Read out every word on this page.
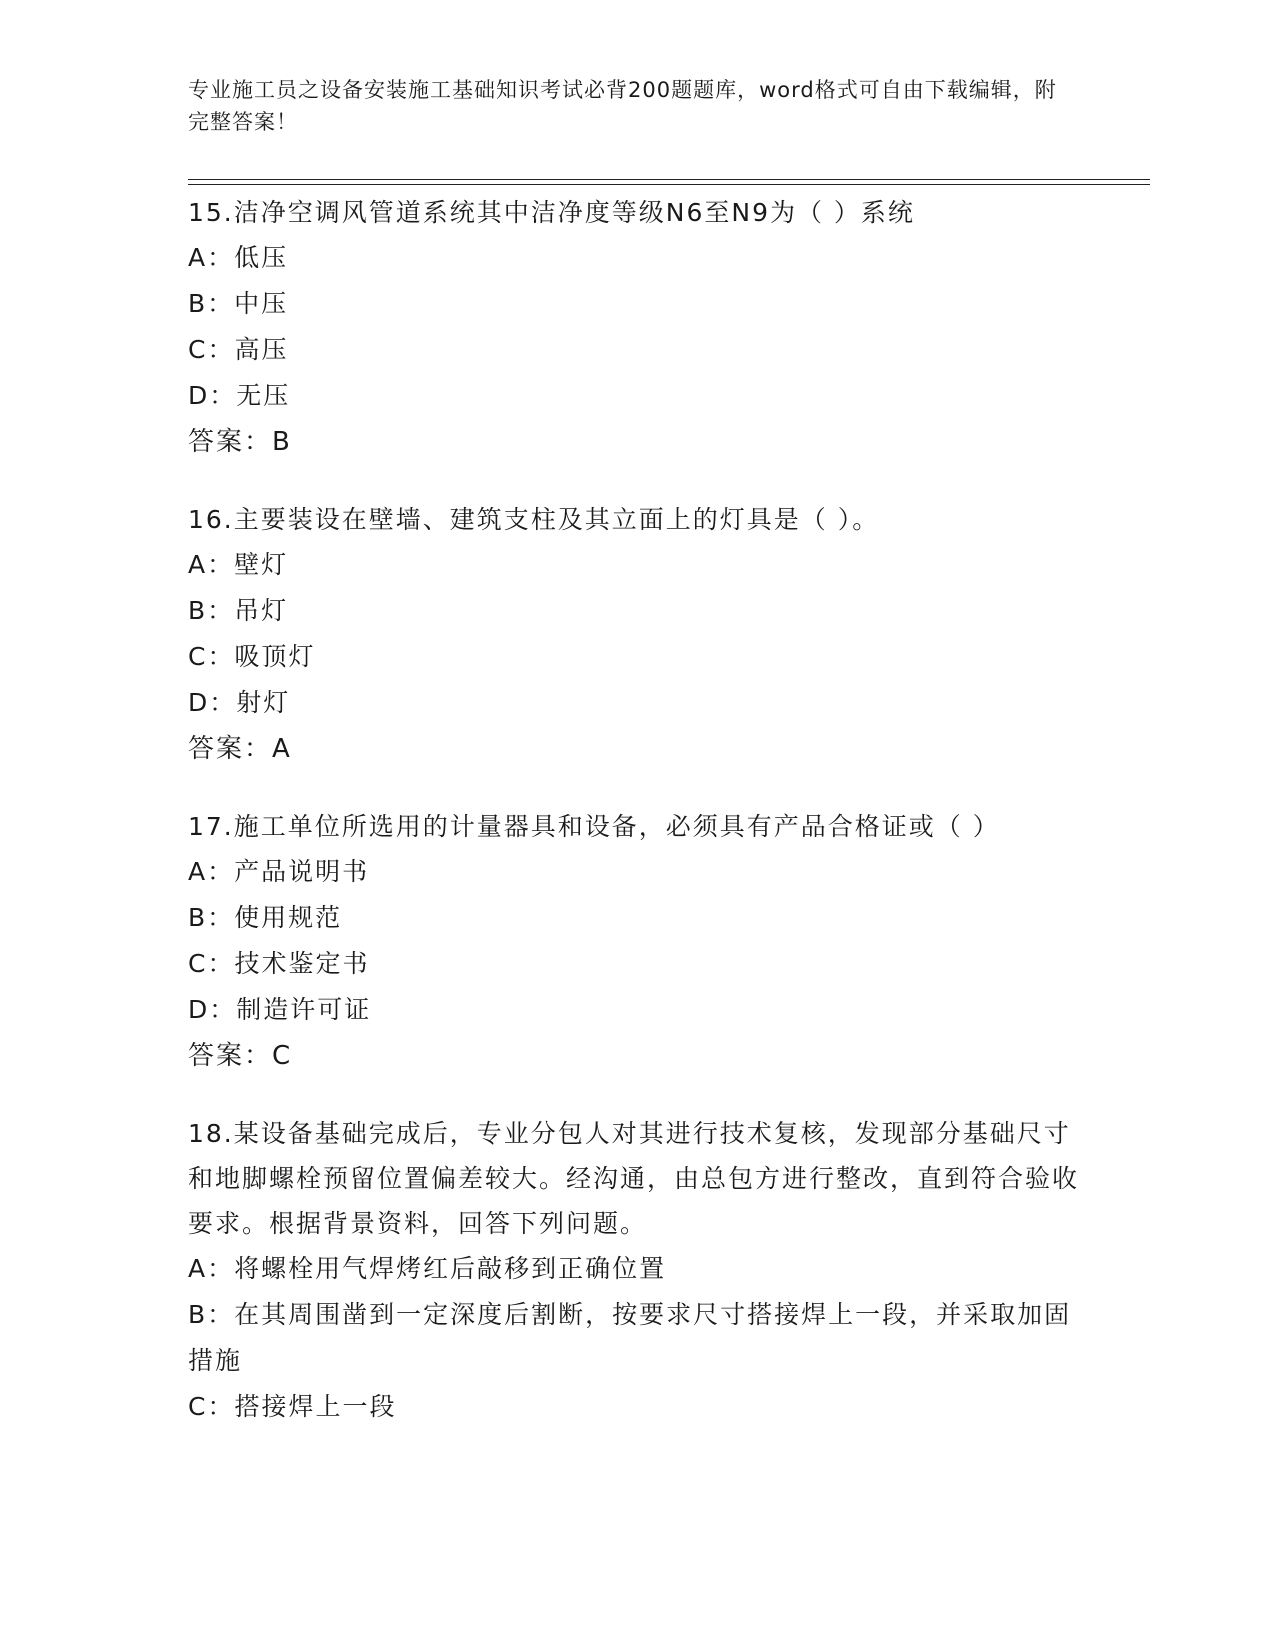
专业施工员之设备安装施工基础知识考试必背200题题库，word格式可自由下载编辑，附完整答案！
15.洁净空调风管道系统其中洁净度等级N6至N9为（ ）系统
A：低压
B：中压
C：高压
D：无压
答案：B
16.主要装设在壁墙、建筑支柱及其立面上的灯具是（ ）。
A：壁灯
B：吊灯
C：吸顶灯
D：射灯
答案：A
17.施工单位所选用的计量器具和设备，必须具有产品合格证或（ ）
A：产品说明书
B：使用规范
C：技术鉴定书
D：制造许可证
答案：C
18.某设备基础完成后，专业分包人对其进行技术复核，发现部分基础尺寸和地脚螺栓预留位置偏差较大。经沟通，由总包方进行整改，直到符合验收要求。根据背景资料，回答下列问题。
A：将螺栓用气焊烤红后敲移到正确位置
B：在其周围凿到一定深度后割断，按要求尺寸搭接焊上一段，并采取加固措施
C：搭接焊上一段
